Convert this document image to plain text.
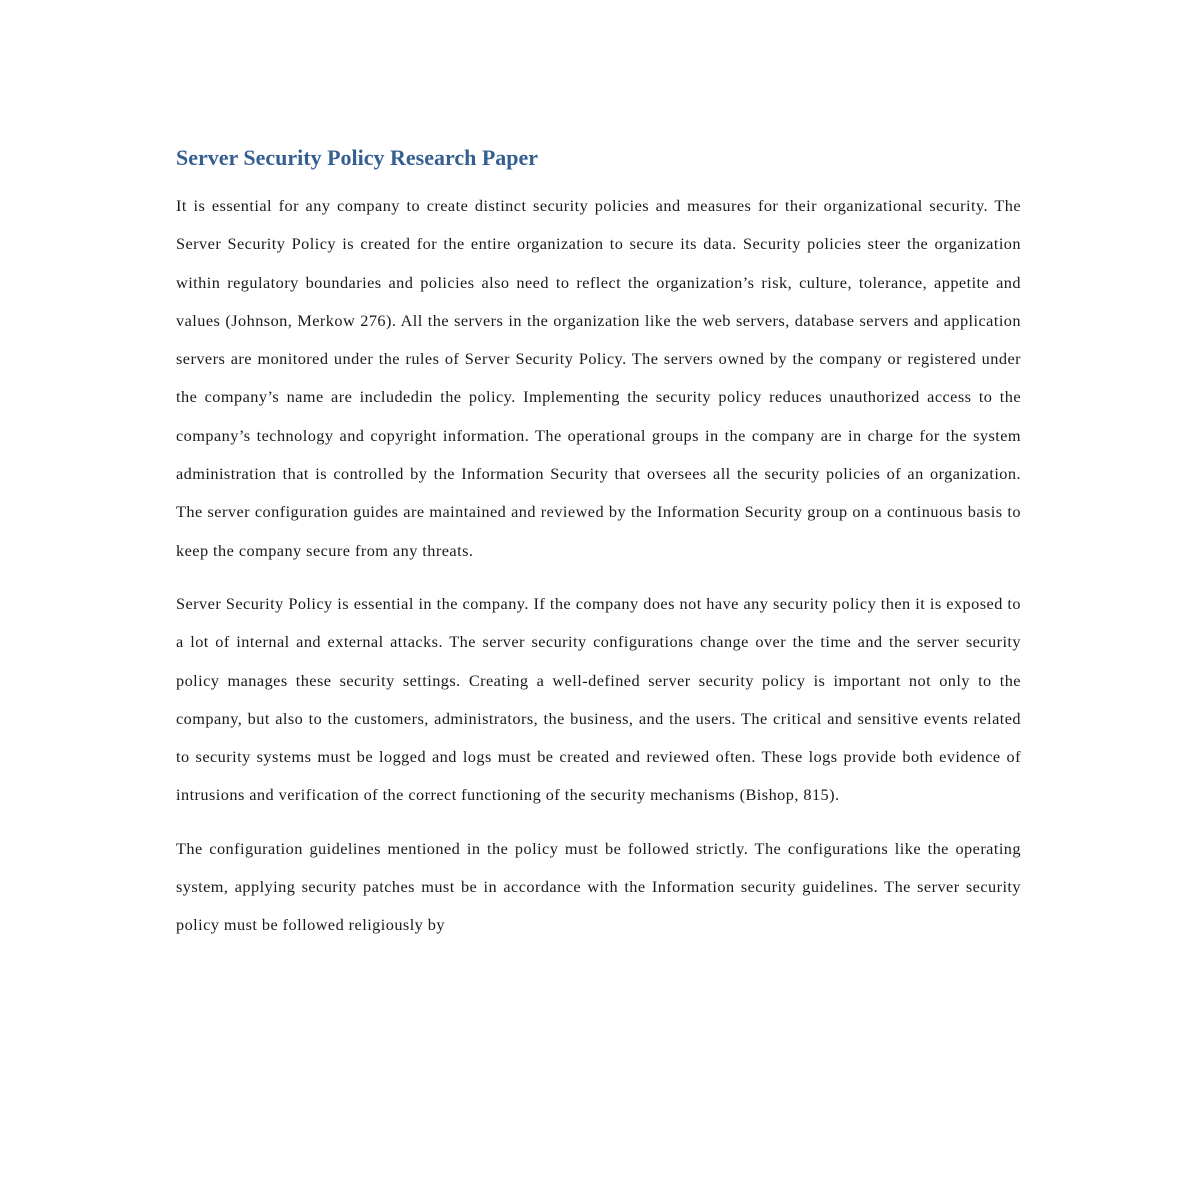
Server Security Policy Research Paper

It is essential for any company to create distinct security policies and measures for their organizational security. The Server Security Policy is created for the entire organization to secure its data. Security policies steer the organization within regulatory boundaries and policies also need to reflect the organization’s risk, culture, tolerance, appetite and values (Johnson, Merkow 276). All the servers in the organization like the web servers, database servers and application servers are monitored under the rules of Server Security Policy. The servers owned by the company or registered under the company’s name are includedin the policy. Implementing the security policy reduces unauthorized access to the company’s technology and copyright information. The operational groups in the company are in charge for the system administration that is controlled by the Information Security that oversees all the security policies of an organization. The server configuration guides are maintained and reviewed by the Information Security group on a continuous basis to keep the company secure from any threats.

Server Security Policy is essential in the company. If the company does not have any security policy then it is exposed to a lot of internal and external attacks. The server security configurations change over the time and the server security policy manages these security settings. Creating a well-defined server security policy is important not only to the company, but also to the customers, administrators, the business, and the users. The critical and sensitive events related to security systems must be logged and logs must be created and reviewed often. These logs provide both evidence of intrusions and verification of the correct functioning of the security mechanisms (Bishop, 815).

The configuration guidelines mentioned in the policy must be followed strictly. The configurations like the operating system, applying security patches must be in accordance with the Information security guidelines. The server security policy must be followed religiously by
